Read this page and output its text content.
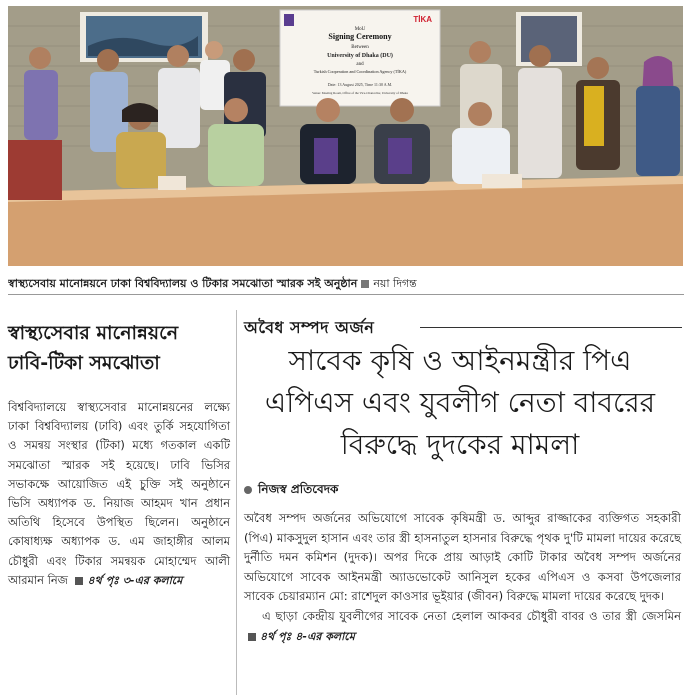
TİKA
MoU
Signing Ceremony
Between
University of Dhaka (DU)
and
Turkish Cooperation and Coordination Agency (TİKA)
Date: 13 August 2025, Time 11:30 A.M.
Venue: Meeting Room, Office of the Vice-Chancellor, University of Dhaka
স্বাস্থ্যসেবায় মানোন্নয়নে ঢাকা বিশ্ববিদ্যালয় ও টিকার সমঝোতা স্মারক সই অনুষ্ঠান নয়া দিগন্ত
স্বাস্থ্যসেবার মানোন্নয়নে
ঢাবি-টিকা সমঝোতা

বিশ্ববিদ্যালয়ে স্বাস্থ্যসেবার মানোন্নয়নের লক্ষ্যে ঢাকা বিশ্ববিদ্যালয় (ঢাবি) এবং তুর্কি সহযোগিতা ও সমন্বয় সংস্থার (টিকা) মধ্যে গতকাল একটি সমঝোতা স্মারক সই হয়েছে। ঢাবি ভিসির সভাকক্ষে আয়োজিত এই চুক্তি সই অনুষ্ঠানে ভিসি অধ্যাপক ড. নিয়াজ আহমদ খান প্রধান অতিথি হিসেবে উপস্থিত ছিলেন। অনুষ্ঠানে কোষাধ্যক্ষ অধ্যাপক ড. এম জাহাঙ্গীর আলম চৌধুরী এবং টিকার সমন্বয়ক মোহাম্মেদ আলী আরমান নিজ ৪র্থ পৃঃ ৩-এর কলামে

অবৈধ সম্পদ অর্জন
সাবেক কৃষি ও আইনমন্ত্রীর পিএ
এপিএস এবং যুবলীগ নেতা বাবরের
বিরুদ্ধে দুদকের মামলা
নিজস্ব প্রতিবেদক

অবৈধ সম্পদ অর্জনের অভিযোগে সাবেক কৃষিমন্ত্রী ড. আব্দুর রাজ্জাকের ব্যক্তিগত সহকারী (পিএ) মাকসুদুল হাসান এবং তার স্ত্রী হাসনাতুল হাসনার বিরুদ্ধে পৃথক দু'টি মামলা দায়ের করেছে দুর্নীতি দমন কমিশন (দুদক)। অপর দিকে প্রায় আড়াই কোটি টাকার অবৈধ সম্পদ অর্জনের অভিযোগে সাবেক আইনমন্ত্রী অ্যাডভোকেট আনিসুল হকের এপিএস ও কসবা উপজেলার সাবেক চেয়ারম্যান মো: রাশেদুল কাওসার ভূইয়ার (জীবন) বিরুদ্ধে মামলা দায়ের করেছে দুদক।

এ ছাড়া কেন্দ্রীয় যুবলীগের সাবেক নেতা হেলাল আকবর চৌধুরী বাবর ও তার স্ত্রী জেসমিন ৪র্থ পৃঃ ৪-এর কলামে
